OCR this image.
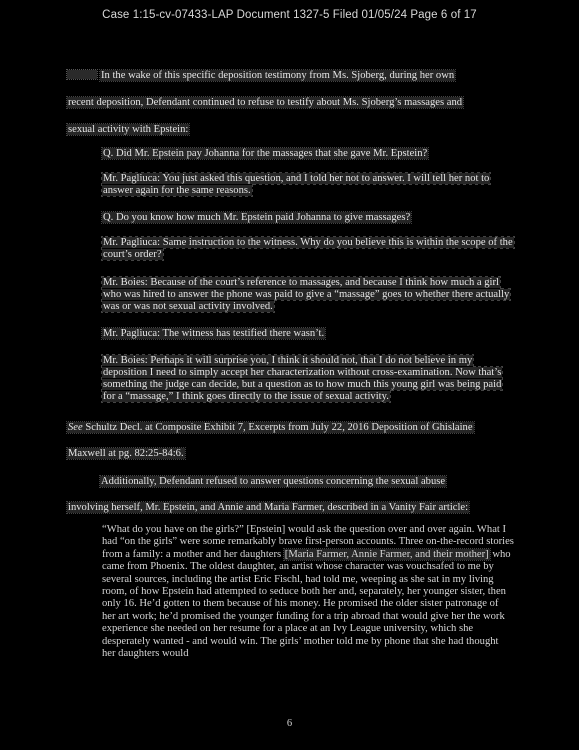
Case 1:15-cv-07433-LAP Document 1327-5 Filed 01/05/24 Page 6 of 17
In the wake of this specific deposition testimony from Ms. Sjoberg, during her own
recent deposition, Defendant continued to refuse to testify about Ms. Sjoberg’s massages and
sexual activity with Epstein:
Q. Did Mr. Epstein pay Johanna for the massages that she gave Mr. Epstein?
Mr. Pagliuca: You just asked this question, and I told her not to answer. I will tell her not to answer again for the same reasons.
Q. Do you know how much Mr. Epstein paid Johanna to give massages?
Mr. Pagliuca: Same instruction to the witness. Why do you believe this is within the scope of the court’s order?
Mr. Boies: Because of the court’s reference to massages, and because I think how much a girl who was hired to answer the phone was paid to give a “massage” goes to whether there actually was or was not sexual activity involved.
Mr. Pagliuca: The witness has testified there wasn’t.
Mr. Boies: Perhaps it will surprise you, I think it should not, that I do not believe in my deposition I need to simply accept her characterization without cross-examination. Now that’s something the judge can decide, but a question as to how much this young girl was being paid for a “massage,” I think goes directly to the issue of sexual activity.
See Schultz Decl. at Composite Exhibit 7, Excerpts from July 22, 2016 Deposition of Ghislaine
Maxwell at pg. 82:25-84:6.
Additionally, Defendant refused to answer questions concerning the sexual abuse
involving herself, Mr. Epstein, and Annie and Maria Farmer, described in a Vanity Fair article:
“What do you have on the girls?” [Epstein] would ask the question over and over again. What I had “on the girls” were some remarkably brave first-person accounts. Three on-the-record stories from a family: a mother and her daughters [Maria Farmer, Annie Farmer, and their mother] who came from Phoenix. The oldest daughter, an artist whose character was vouchsafed to me by several sources, including the artist Eric Fischl, had told me, weeping as she sat in my living room, of how Epstein had attempted to seduce both her and, separately, her younger sister, then only 16. He’d gotten to them because of his money. He promised the older sister patronage of her art work; he’d promised the younger funding for a trip abroad that would give her the work experience she needed on her resume for a place at an Ivy League university, which she desperately wanted - and would win. The girls’ mother told me by phone that she had thought her daughters would
6
